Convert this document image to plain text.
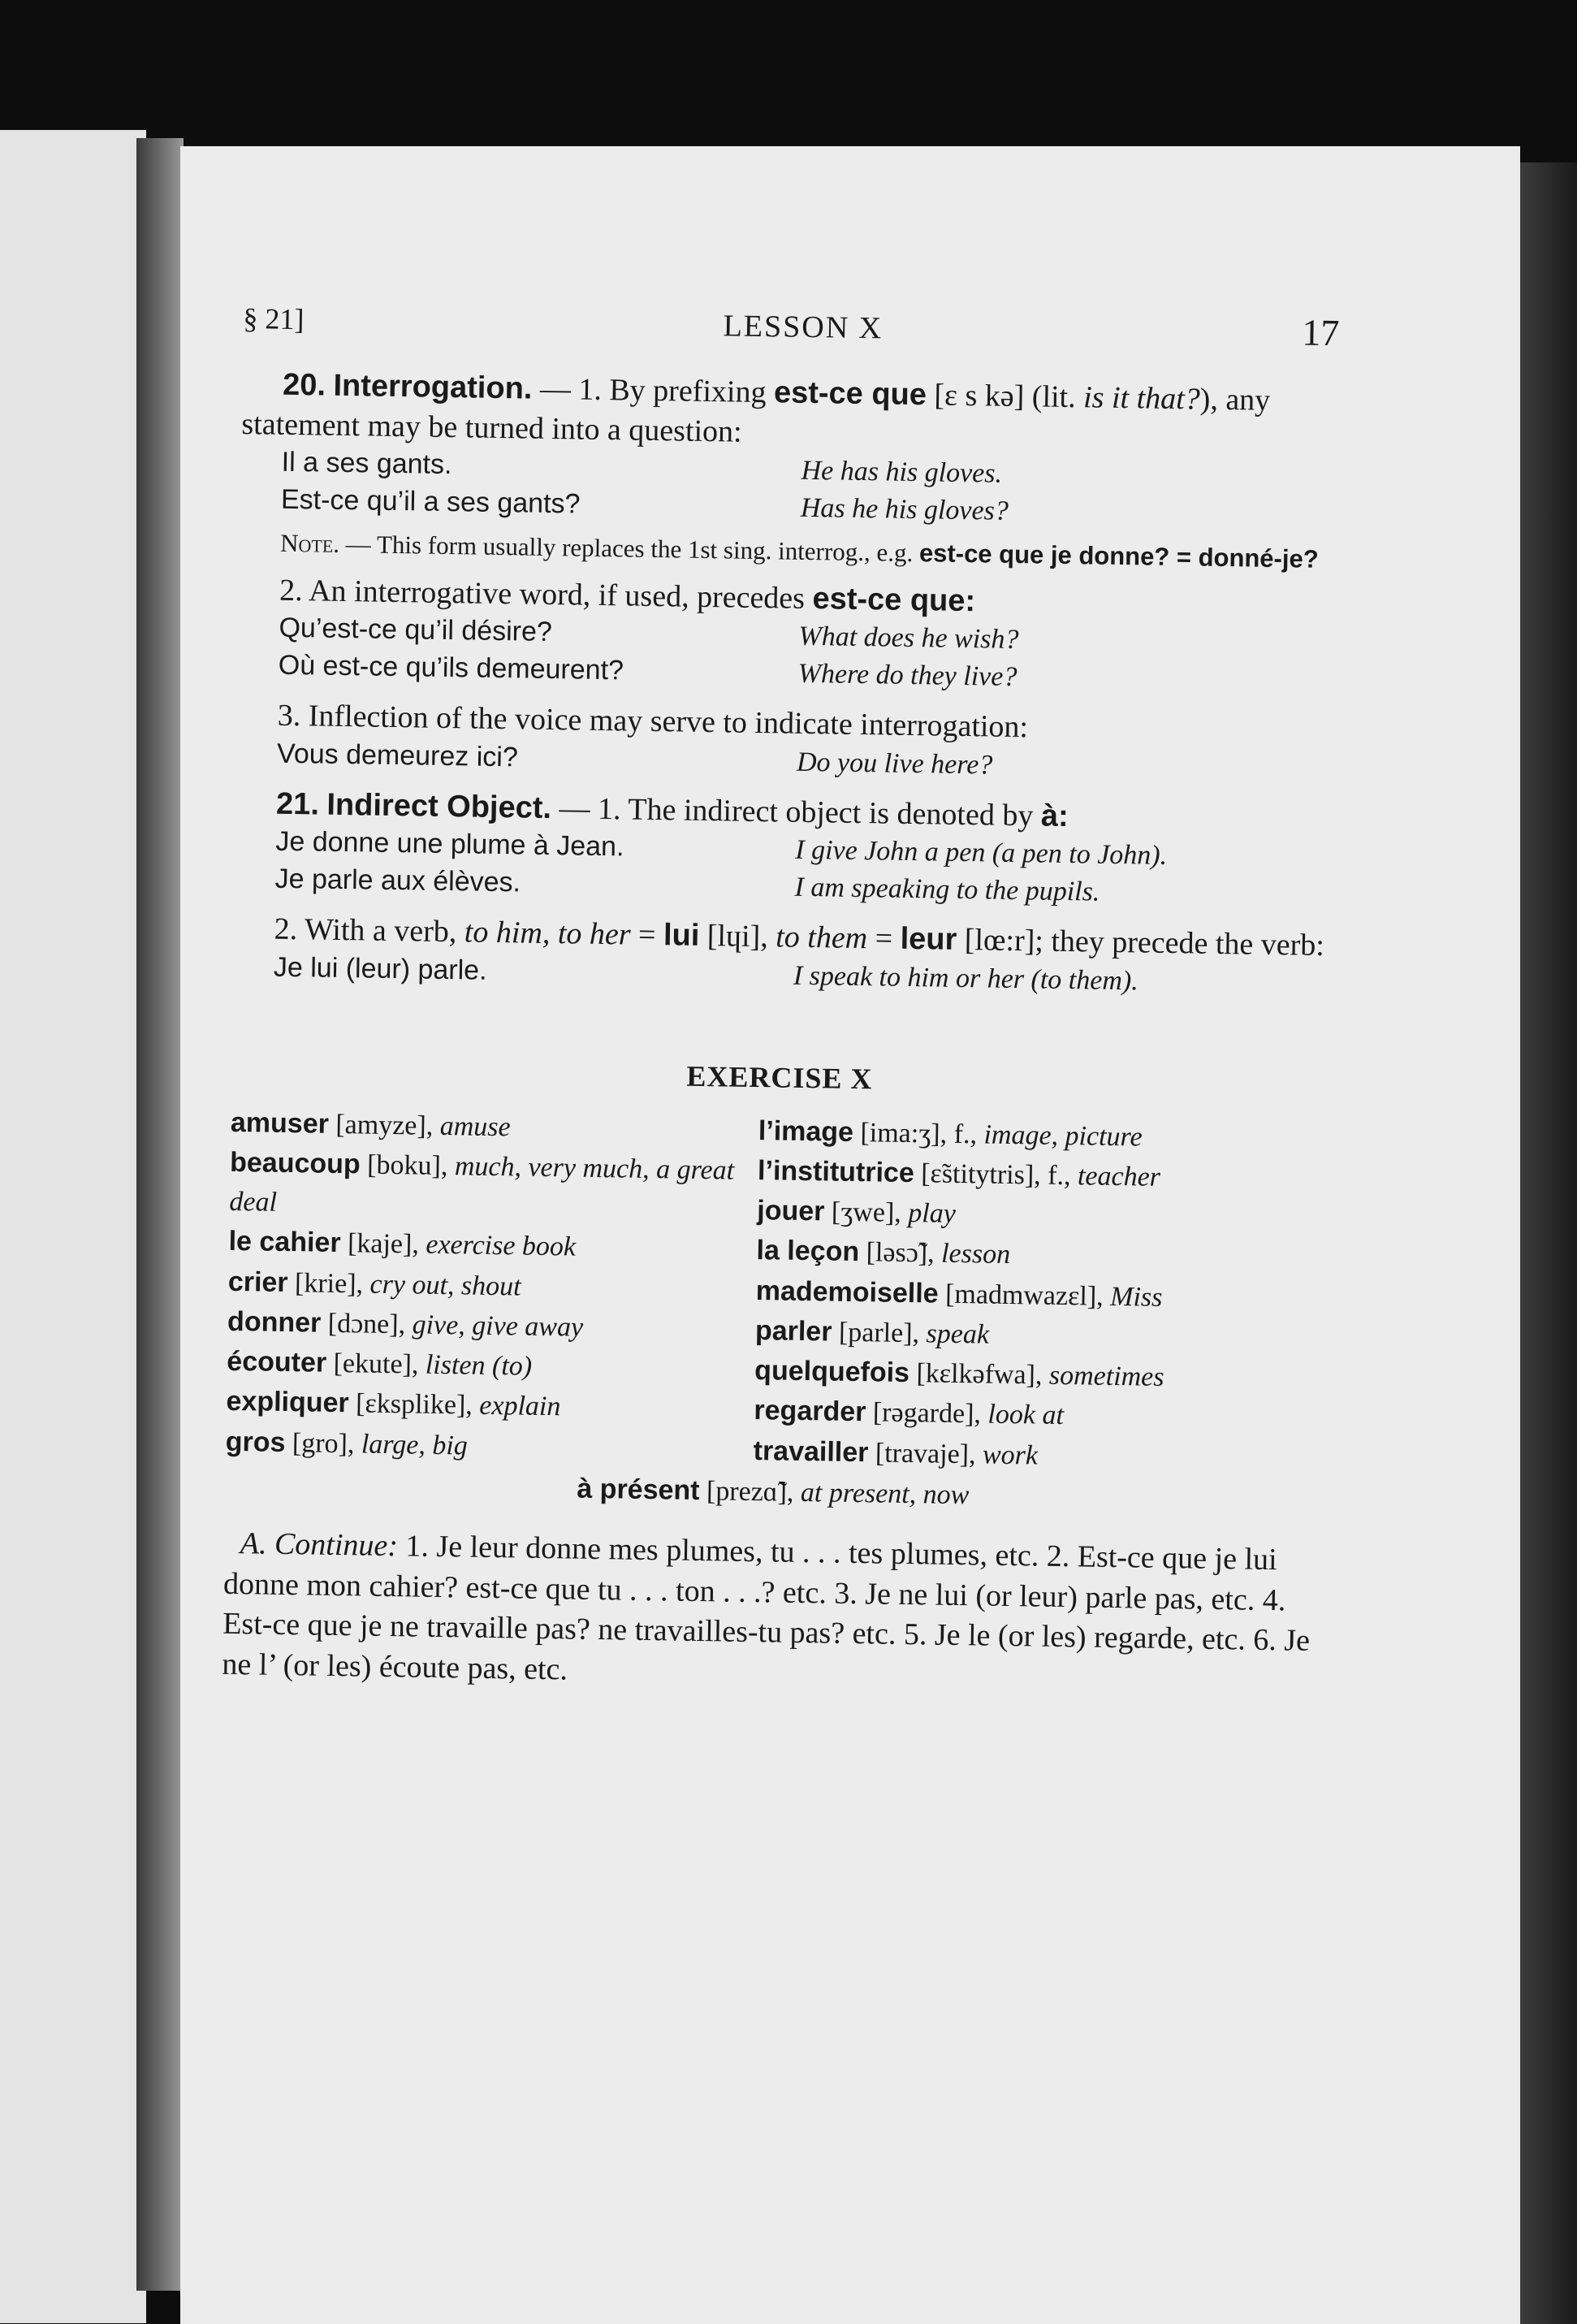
§ 21]	LESSON X	17

20. Interrogation. — 1. By prefixing est-ce que [ɛ s kə] (lit. is it that?), any statement may be turned into a question:

Il a ses gants.	He has his gloves.
Est-ce qu’il a ses gants?	Has he his gloves?

Note. — This form usually replaces the 1st sing. interrog., e.g. est-ce que je donne? = donné-je?

2. An interrogative word, if used, precedes est-ce que:

Qu’est-ce qu’il désire?	What does he wish?
Où est-ce qu’ils demeurent?	Where do they live?

3. Inflection of the voice may serve to indicate interrogation:

Vous demeurez ici?	Do you live here?

21. Indirect Object. — 1. The indirect object is denoted by à:

Je donne une plume à Jean.	I give John a pen (a pen to John).
Je parle aux élèves.	I am speaking to the pupils.

2. With a verb, to him, to her = lui [lɥi], to them = leur [lœ:r]; they precede the verb:

Je lui (leur) parle.	I speak to him or her (to them).
EXERCISE X
amuser [amyze], amuse
beaucoup [boku], much, very much, a great deal
le cahier [kaje], exercise book
crier [krie], cry out, shout
donner [dɔne], give, give away
écouter [ekute], listen (to)
expliquer [ɛksplike], explain
gros [gro], large, big
l’image [ima:ʒ], f., image, picture
l’institutrice [ɛ̃stitytris], f., teacher
jouer [ʒwe], play
la leçon [ləsɔ̃], lesson
mademoiselle [madmwazɛl], Miss
parler [parle], speak
quelquefois [kɛlkəfwa], sometimes
regarder [rəgarde], look at
travailler [travaje], work
à présent [prezɑ̃], at present, now

A. Continue: 1. Je leur donne mes plumes, tu . . . tes plumes, etc. 2. Est-ce que je lui donne mon cahier? est-ce que tu . . . ton . . .? etc. 3. Je ne lui (or leur) parle pas, etc. 4. Est-ce que je ne travaille pas? ne travailles-tu pas? etc. 5. Je le (or les) regarde, etc. 6. Je ne l’ (or les) écoute pas, etc.
